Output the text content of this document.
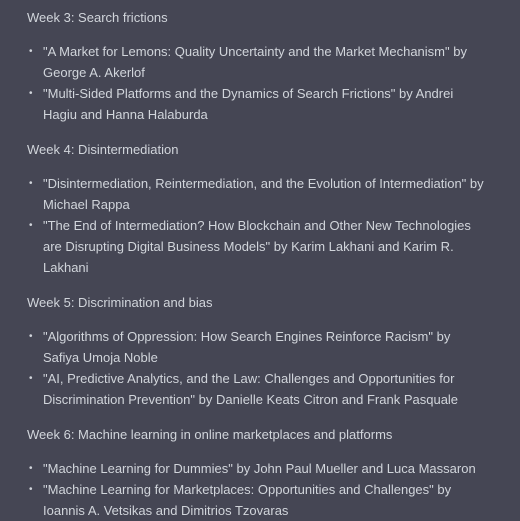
Week 3: Search frictions
• "A Market for Lemons: Quality Uncertainty and the Market Mechanism" by George A. Akerlof
• "Multi-Sided Platforms and the Dynamics of Search Frictions" by Andrei Hagiu and Hanna Halaburda
Week 4: Disintermediation
• "Disintermediation, Reintermediation, and the Evolution of Intermediation" by Michael Rappa
• "The End of Intermediation? How Blockchain and Other New Technologies are Disrupting Digital Business Models" by Karim Lakhani and Karim R. Lakhani
Week 5: Discrimination and bias
• "Algorithms of Oppression: How Search Engines Reinforce Racism" by Safiya Umoja Noble
• "AI, Predictive Analytics, and the Law: Challenges and Opportunities for Discrimination Prevention" by Danielle Keats Citron and Frank Pasquale
Week 6: Machine learning in online marketplaces and platforms
• "Machine Learning for Dummies" by John Paul Mueller and Luca Massaron
• "Machine Learning for Marketplaces: Opportunities and Challenges" by Ioannis A. Vetsikas and Dimitrios Tzovaras
